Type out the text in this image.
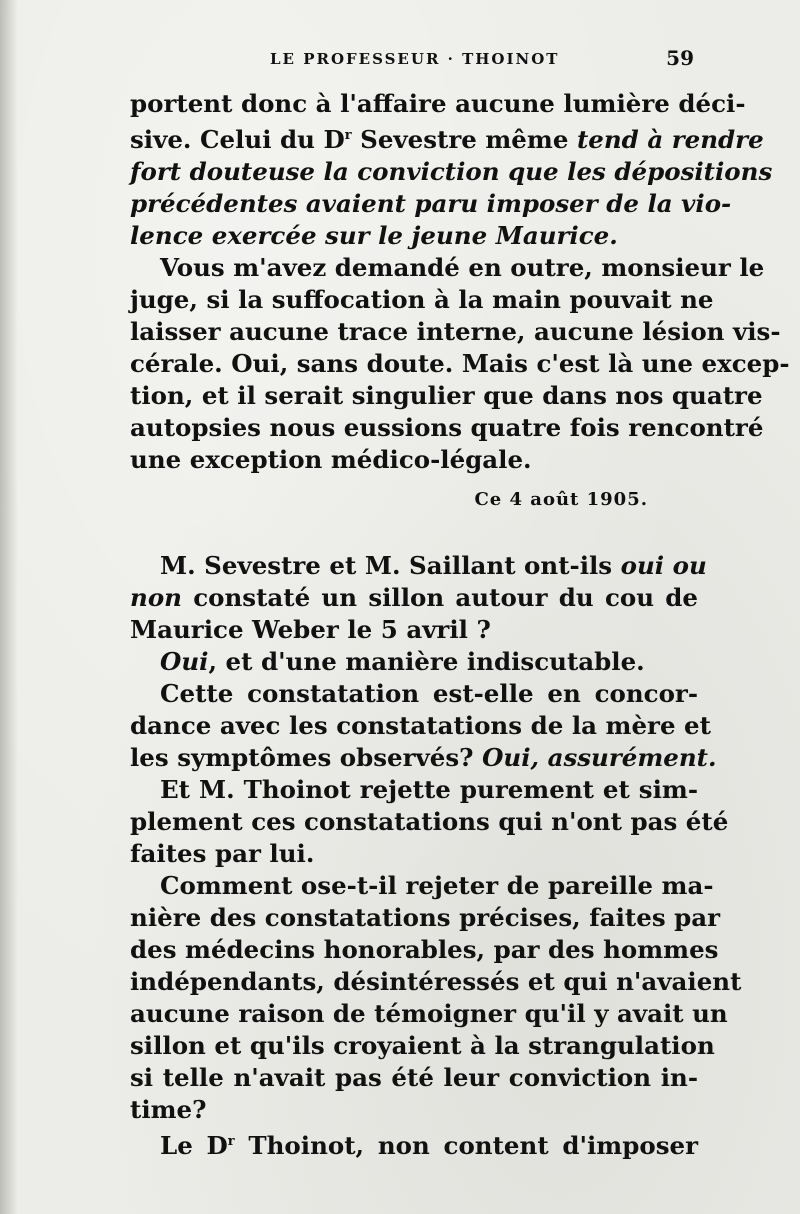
LE PROFESSEUR · THOINOT	59

portent donc à l'affaire aucune lumière déci-
sive. Celui du $D^r$ Sevestre même tend à rendre
fort douteuse la conviction que les dépositions
précédentes avaient paru imposer de la vio-
lence exercée sur le jeune Maurice.

Vous m'avez demandé en outre, monsieur le
juge, si la suffocation à la main pouvait ne
laisser aucune trace interne, aucune lésion vis-
cérale. Oui, sans doute. Mais c'est là une excep-
tion, et il serait singulier que dans nos quatre
autopsies nous eussions quatre fois rencontré
une exception médico-légale.

Ce 4 août 1905.

M. Sevestre et M. Saillant ont-ils oui ou
non constaté un sillon autour du cou de
Maurice Weber le 5 avril ?

Oui, et d'une manière indiscutable.

Cette constatation est-elle en concor-
dance avec les constatations de la mère et
les symptômes observés? Oui, assurément.

Et M. Thoinot rejette purement et sim-
plement ces constatations qui n'ont pas été
faites par lui.

Comment ose-t-il rejeter de pareille ma-
nière des constatations précises, faites par
des médecins honorables, par des hommes
indépendants, désintéressés et qui n'avaient
aucune raison de témoigner qu'il y avait un
sillon et qu'ils croyaient à la strangulation
si telle n'avait pas été leur conviction in-
time?

Le $D^r$ Thoinot, non content d'imposer
